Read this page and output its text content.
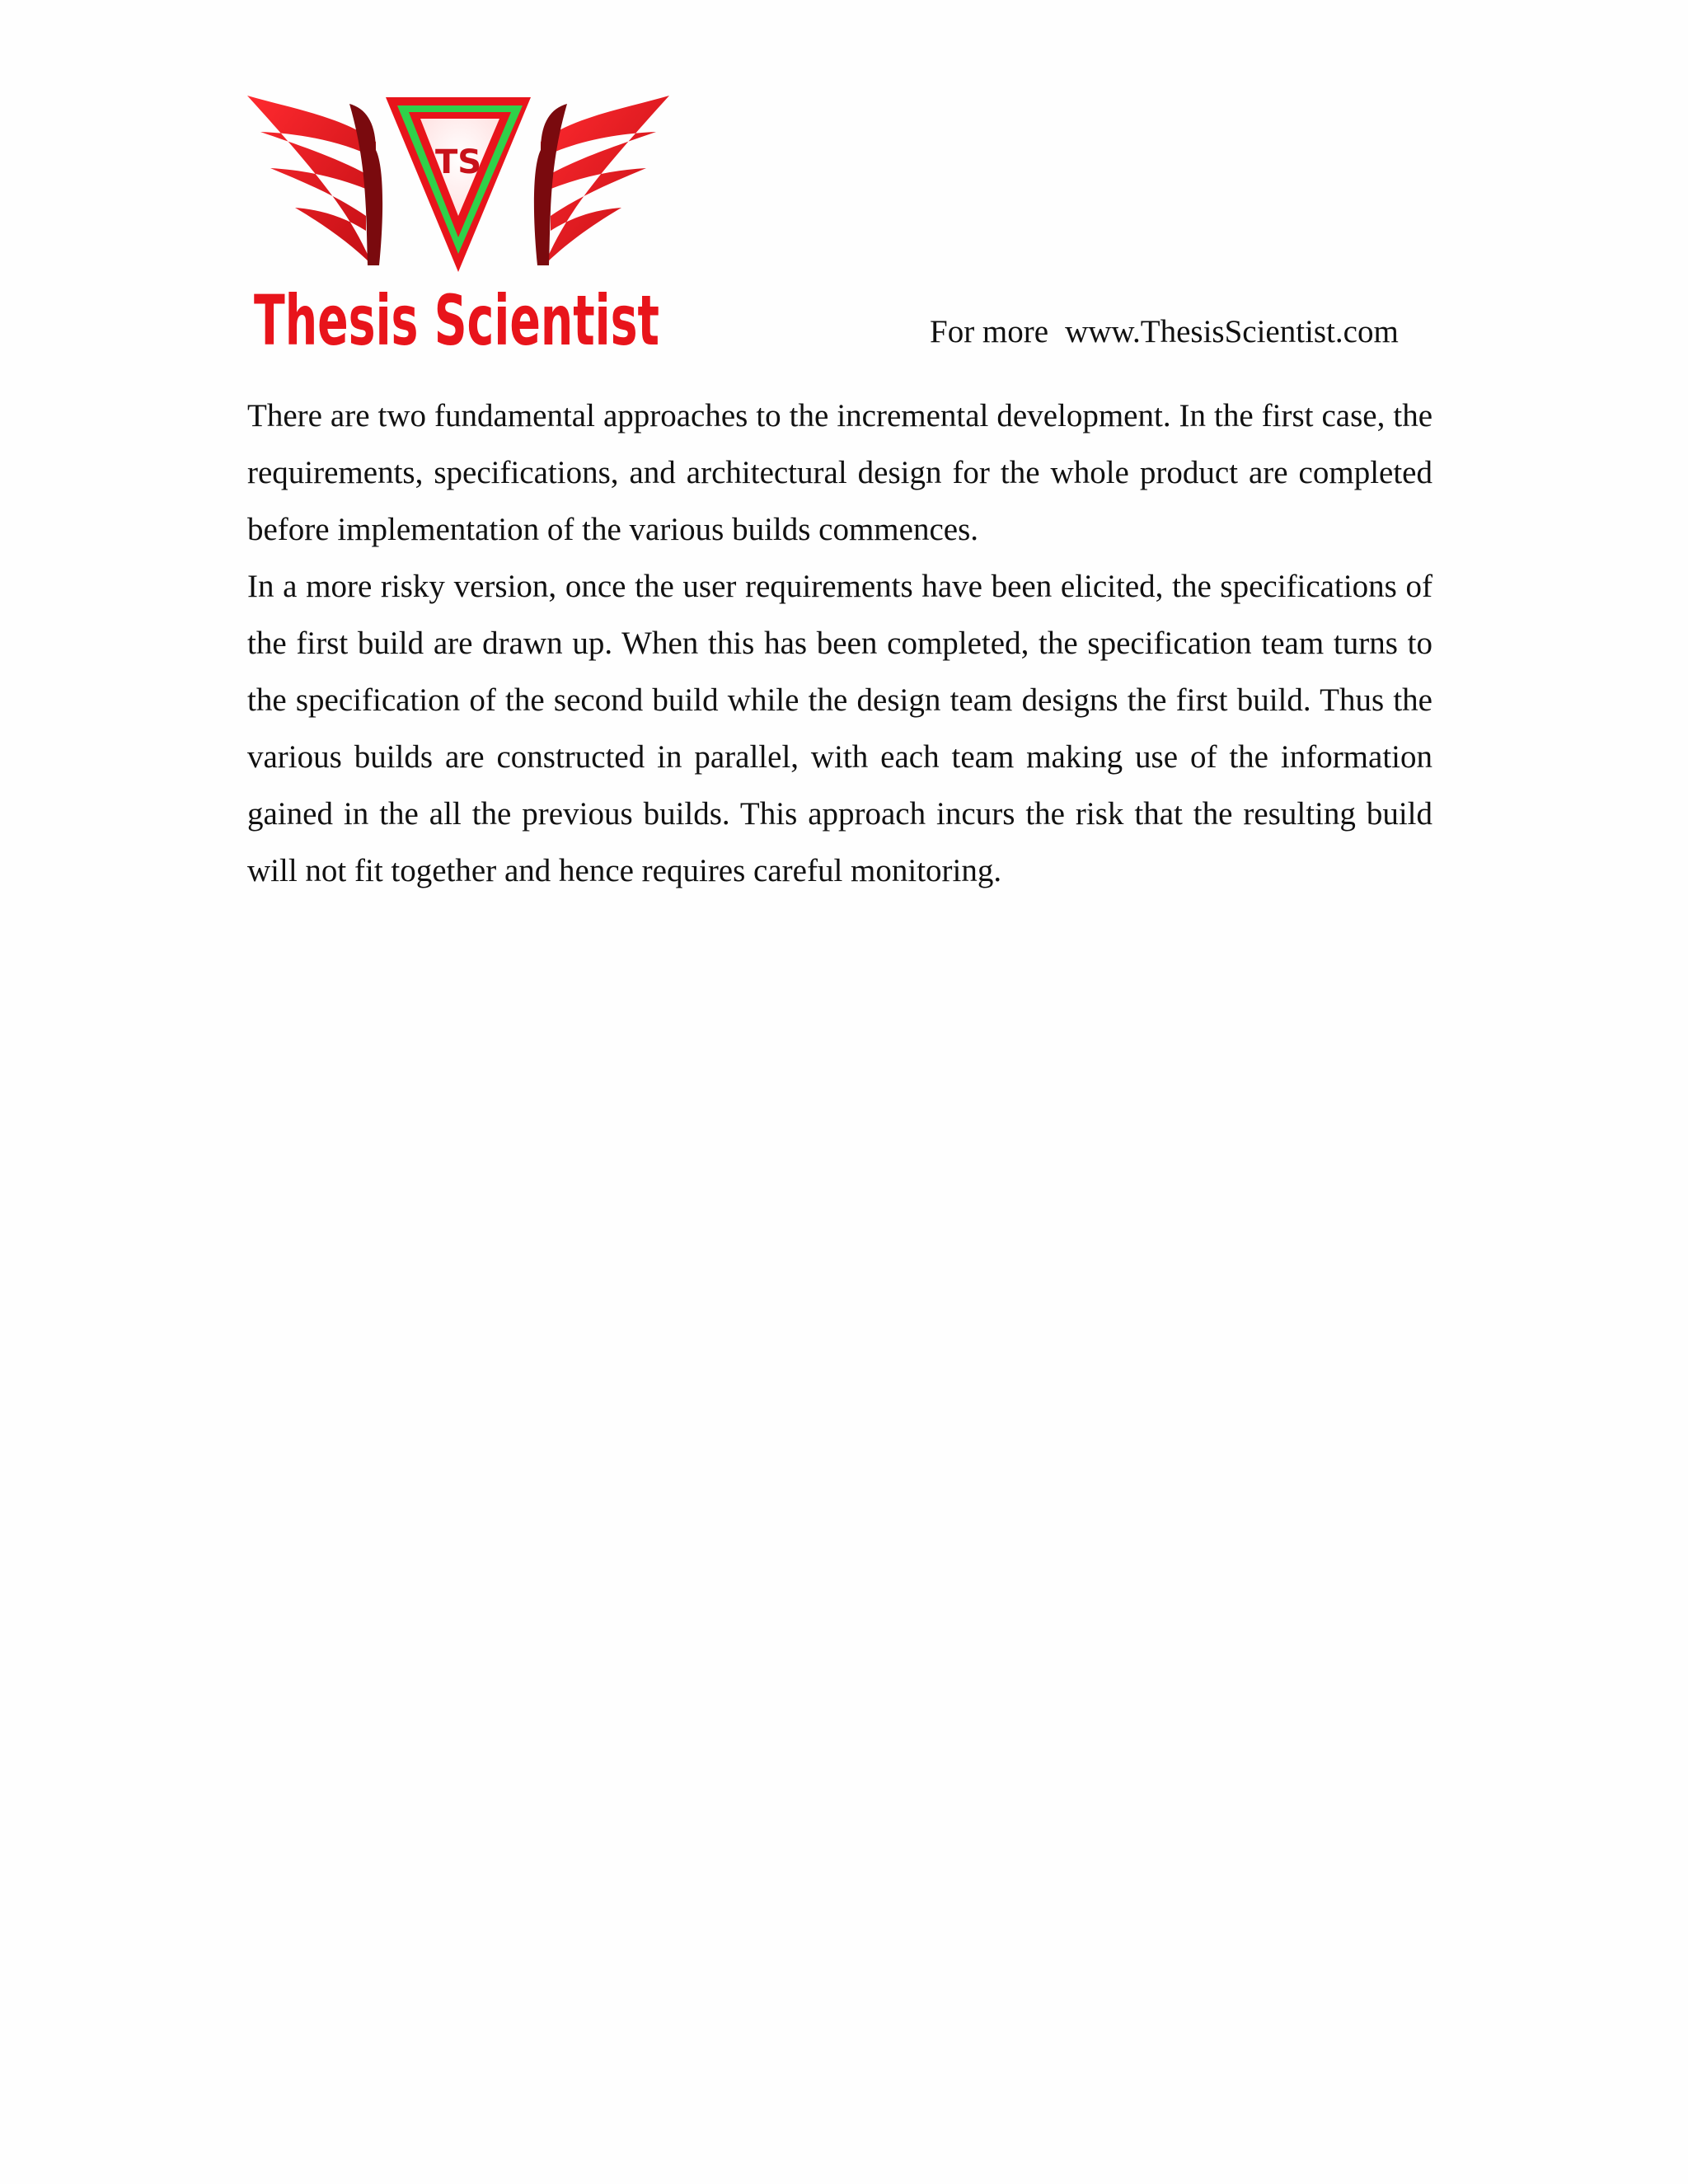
TS
Thesis Scientist	For more www.ThesisScientist.com

There are two fundamental approaches to the incremental development. In the first case, the requirements, specifications, and architectural design for the whole product are completed before implementation of the various builds commences.

In a more risky version, once the user requirements have been elicited, the specifications of the first build are drawn up. When this has been completed, the specification team turns to the specification of the second build while the design team designs the first build. Thus the various builds are constructed in parallel, with each team making use of the information gained in the all the previous builds. This approach incurs the risk that the resulting build will not fit together and hence requires careful monitoring.
